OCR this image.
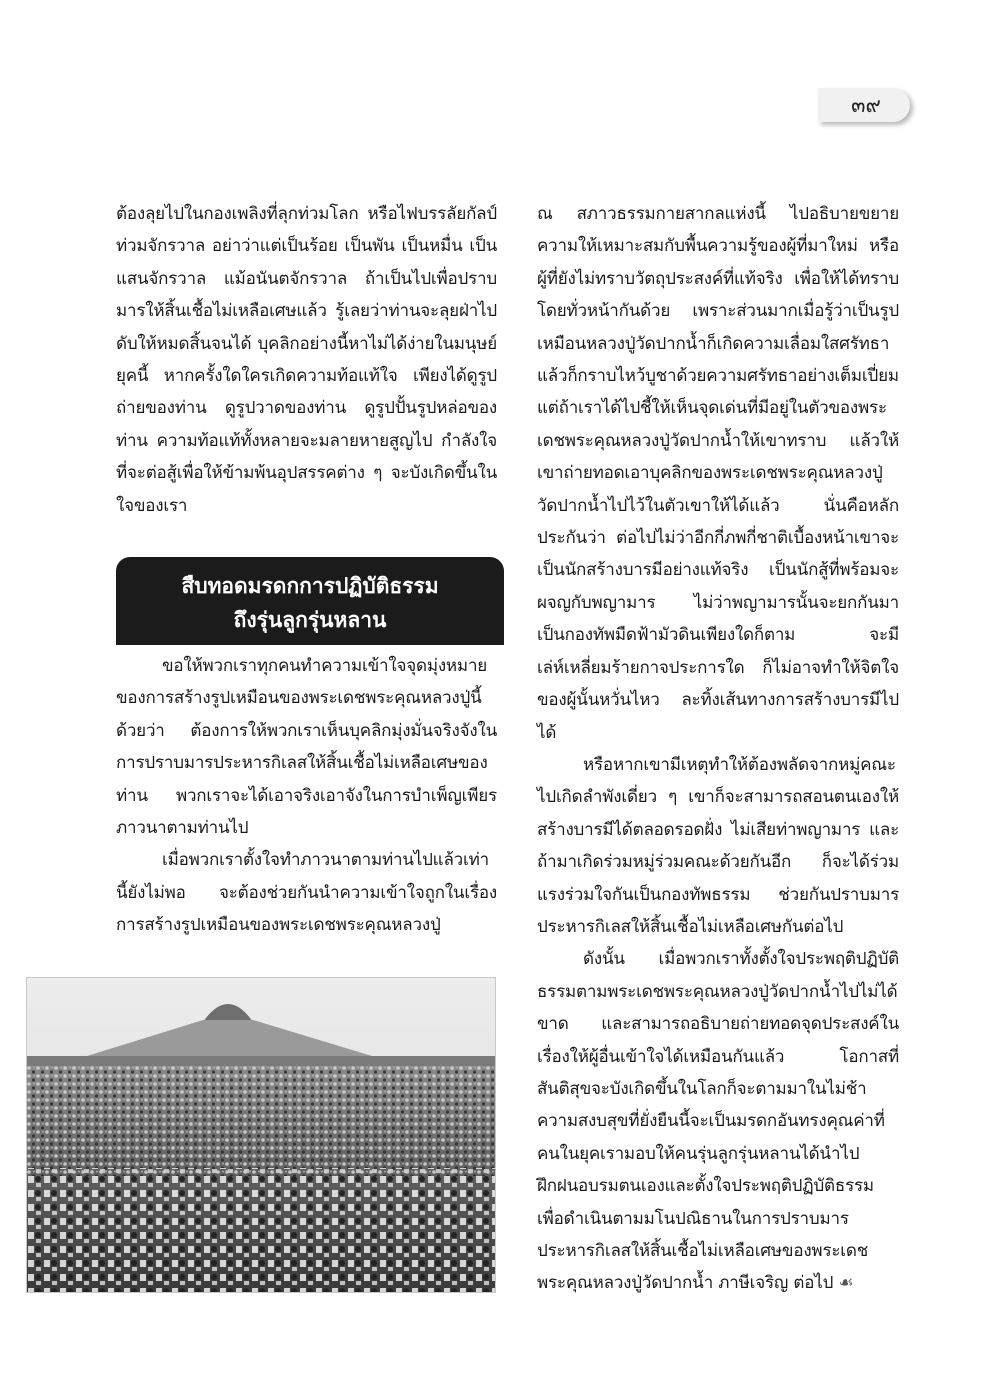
๓๙

ต้องลุยไปในกองเพลิงที่ลุกท่วมโลก หรือไฟบรรลัยกัลป์ท่วมจักรวาล อย่าว่าแต่เป็นร้อย เป็นพัน เป็นหมื่น เป็นแสนจักรวาล แม้อนันตจักรวาล ถ้าเป็นไปเพื่อปราบมารให้สิ้นเชื้อไม่เหลือเศษแล้ว รู้เลยว่าท่านจะลุยฝ่าไปดับให้หมดสิ้นจนได้ บุคลิกอย่างนี้หาไม่ได้ง่ายในมนุษย์ยุคนี้ หากครั้งใดใครเกิดความท้อแท้ใจ เพียงได้ดูรูปถ่ายของท่าน ดูรูปวาดของท่าน ดูรูปปั้นรูปหล่อของท่าน ความท้อแท้ทั้งหลายจะมลายหายสูญไป กำลังใจที่จะต่อสู้เพื่อให้ข้ามพ้นอุปสรรคต่าง ๆ จะบังเกิดขึ้นในใจของเรา

สืบทอดมรดกการปฏิบัติธรรม
ถึงรุ่นลูกรุ่นหลาน

ขอให้พวกเราทุกคนทำความเข้าใจจุดมุ่งหมายของการสร้างรูปเหมือนของพระเดชพระคุณหลวงปู่นี้ด้วยว่า ต้องการให้พวกเราเห็นบุคลิกมุ่งมั่นจริงจังในการปราบมารประหารกิเลสให้สิ้นเชื้อไม่เหลือเศษของท่าน พวกเราจะได้เอาจริงเอาจังในการบำเพ็ญเพียรภาวนาตามท่านไป

เมื่อพวกเราตั้งใจทำภาวนาตามท่านไปแล้วเท่านี้ยังไม่พอ จะต้องช่วยกันนำความเข้าใจถูกในเรื่องการสร้างรูปเหมือนของพระเดชพระคุณหลวงปู่

ณ สภาวธรรมกายสากลแห่งนี้ ไปอธิบายขยายความให้เหมาะสมกับพื้นความรู้ของผู้ที่มาใหม่ หรือผู้ที่ยังไม่ทราบวัตถุประสงค์ที่แท้จริง เพื่อให้ได้ทราบโดยทั่วหน้ากันด้วย เพราะส่วนมากเมื่อรู้ว่าเป็นรูปเหมือนหลวงปู่วัดปากน้ำก็เกิดความเลื่อมใสศรัทธา แล้วก็กราบไหว้บูชาด้วยความศรัทธาอย่างเต็มเปี่ยม แต่ถ้าเราได้ไปชี้ให้เห็นจุดเด่นที่มีอยู่ในตัวของพระเดชพระคุณหลวงปู่วัดปากน้ำให้เขาทราบ แล้วให้เขาถ่ายทอดเอาบุคลิกของพระเดชพระคุณหลวงปู่วัดปากน้ำไปไว้ในตัวเขาให้ได้แล้ว นั่นคือหลักประกันว่า ต่อไปไม่ว่าอีกกี่ภพกี่ชาติเบื้องหน้าเขาจะเป็นนักสร้างบารมีอย่างแท้จริง เป็นนักสู้ที่พร้อมจะผจญกับพญามาร ไม่ว่าพญามารนั้นจะยกกันมาเป็นกองทัพมืดฟ้ามัวดินเพียงใดก็ตาม จะมีเล่ห์เหลี่ยมร้ายกาจประการใด ก็ไม่อาจทำให้จิตใจของผู้นั้นหวั่นไหว ละทิ้งเส้นทางการสร้างบารมีไปได้

หรือหากเขามีเหตุทำให้ต้องพลัดจากหมู่คณะไปเกิดลำพังเดี่ยว ๆ เขาก็จะสามารถสอนตนเองให้สร้างบารมีได้ตลอดรอดฝั่ง ไม่เสียท่าพญามาร และถ้ามาเกิดร่วมหมู่ร่วมคณะด้วยกันอีก ก็จะได้ร่วมแรงร่วมใจกันเป็นกองทัพธรรม ช่วยกันปราบมารประหารกิเลสให้สิ้นเชื้อไม่เหลือเศษกันต่อไป

ดังนั้น เมื่อพวกเราทั้งตั้งใจประพฤติปฏิบัติธรรมตามพระเดชพระคุณหลวงปู่วัดปากน้ำไปไม่ได้ขาด และสามารถอธิบายถ่ายทอดจุดประสงค์ในเรื่องให้ผู้อื่นเข้าใจได้เหมือนกันแล้ว โอกาสที่สันติสุขจะบังเกิดขึ้นในโลกก็จะตามมาในไม่ช้า ความสงบสุขที่ยั่งยืนนี้จะเป็นมรดกอันทรงคุณค่าที่คนในยุคเรามอบให้คนรุ่นลูกรุ่นหลานได้นำไปฝึกฝนอบรมตนเองและตั้งใจประพฤติปฏิบัติธรรมเพื่อดำเนินตามมโนปณิธานในการปราบมารประหารกิเลสให้สิ้นเชื้อไม่เหลือเศษของพระเดชพระคุณหลวงปู่วัดปากน้ำ ภาษีเจริญ ต่อไป ☙
